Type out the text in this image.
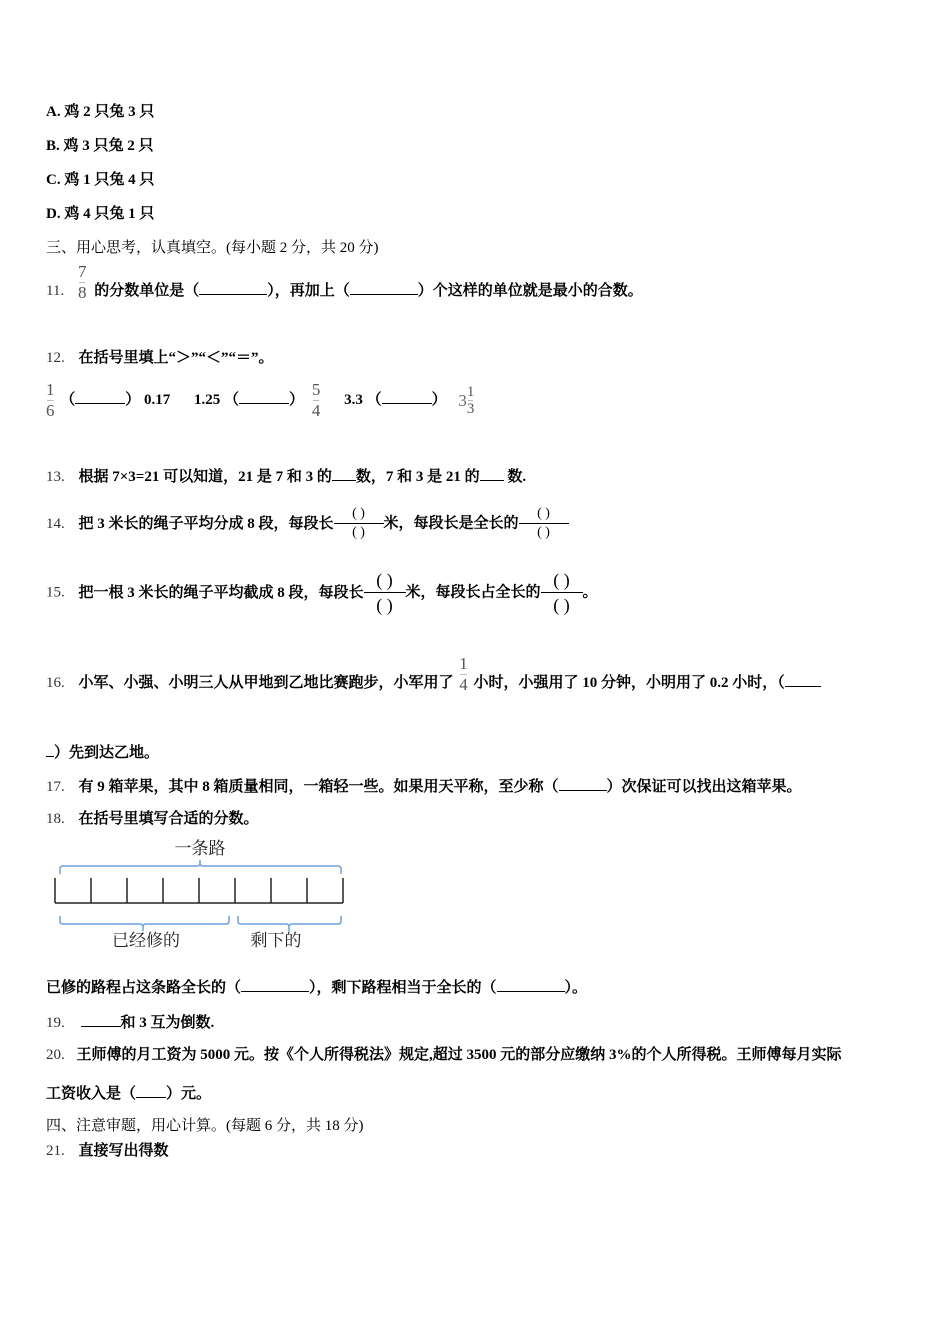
A. 鸡 2 只兔 3 只
B. 鸡 3 只兔 2 只
C. 鸡 1 只兔 4 只
D. 鸡 4 只兔 1 只
三、用心思考，认真填空。(每小题 2 分，共 20 分)
11. $\frac{7}{8}$ 的分数单位是（	），再加上（	）个这样的单位就是最小的合数。
12. 在括号里填上“＞”“＜”“＝”。
$\frac{1}{6}$ （	） 0.17 1.25 （	） $\frac{5}{4} 3.3$ （	） $3 \frac{1}{3}$
13. 根据 7×3=21 可以知道，21 是 7 和 3 的 数，7 和 3 是 21 的 数.
14. 把 3 米长的绳子平均分成 8 段，每段长
( )
( )
米，每段长是全长的
( )
( )
15. 把一根 3 米长的绳子平均截成 8 段，每段长
( )
( )
米，每段长占全长的
( )
( )
。
16. 小军、小强、小明三人从甲地到乙地比赛跑步，小军用了 $\frac{1}{4}$ 小时，小强用了 10 分钟，小明用了 0.2 小时，（
）先到达乙地。
17. 有 9 箱苹果，其中 8 箱质量相同，一箱轻一些。如果用天平称，至少称（	）次保证可以找出这箱苹果。
18. 在括号里填写合适的分数。
一条路
已经修的	剩下的
已修的路程占这条路全长的（	），剩下路程相当于全长的（	）。
19.	和 3 互为倒数.
20. 王师傅的月工资为 5000 元。按《个人所得税法》规定,超过 3500 元的部分应缴纳 3%的个人所得税。王师傅每月实际
工资收入是（ ）元。
四、注意审题，用心计算。(每题 6 分，共 18 分)
21. 直接写出得数
